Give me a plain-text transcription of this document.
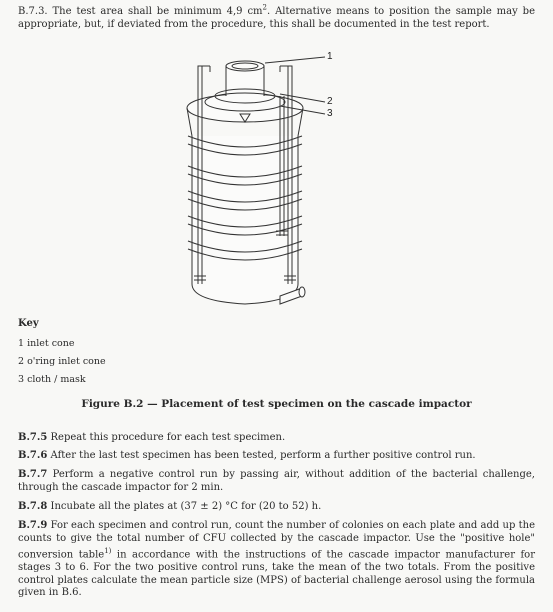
B.7.3. The test area shall be minimum 4,9 $cm^2$. Alternative means to position the sample may be appropriate, but, if deviated from the procedure, this shall be documented in the test report.
1
2
3
Key
1 inlet cone
2 o'ring inlet cone
3 cloth / mask
Figure B.2 — Placement of test specimen on the cascade impactor
B.7.5 Repeat this procedure for each test specimen.
B.7.6 After the last test specimen has been tested, perform a further positive control run.
B.7.7 Perform a negative control run by passing air, without addition of the bacterial challenge, through the cascade impactor for 2 min.
B.7.8 Incubate all the plates at (37 ± 2) °C for (20 to 52) h.
B.7.9 For each specimen and control run, count the number of colonies on each plate and add up the counts to give the total number of CFU collected by the cascade impactor. Use the "positive hole" conversion table$^{1)}$ in accordance with the instructions of the cascade impactor manufacturer for stages 3 to 6. For the two positive control runs, take the mean of the two totals. From the positive control plates calculate the mean particle size (MPS) of bacterial challenge aerosol using the formula given in B.6.
